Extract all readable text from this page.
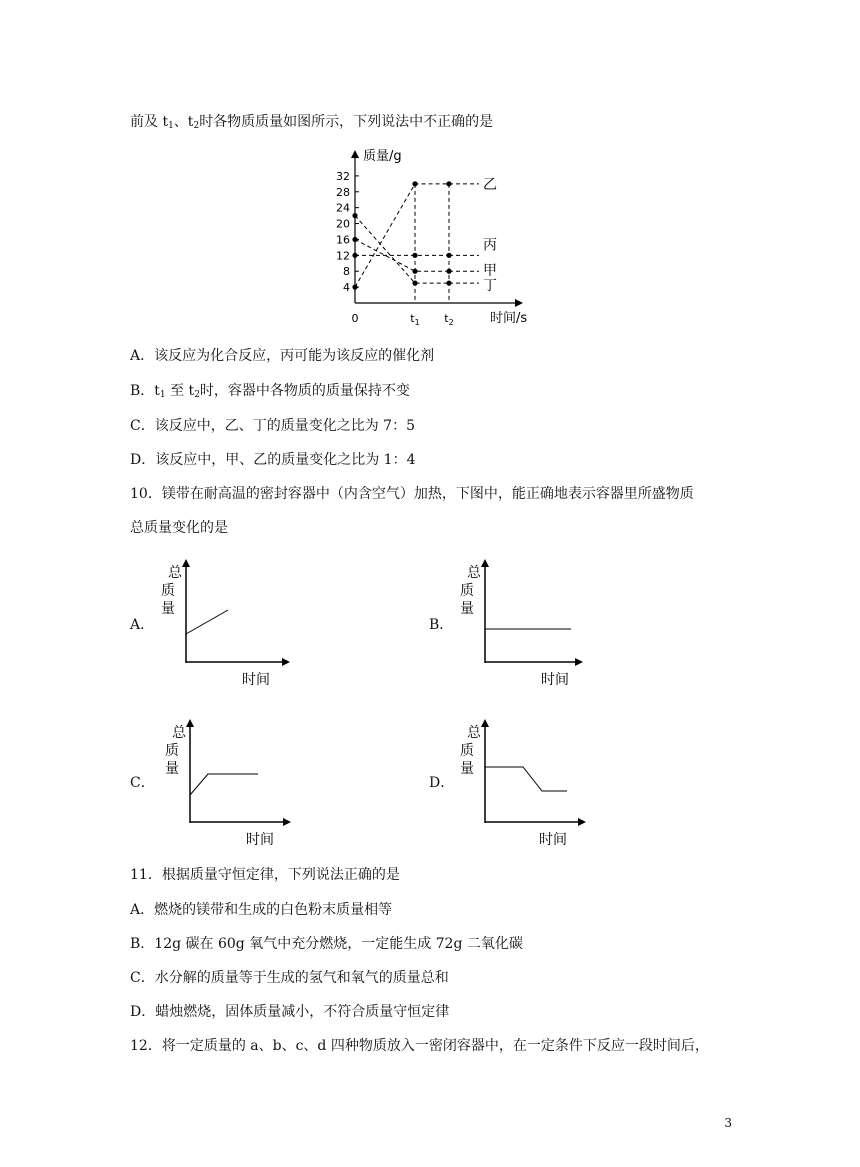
前及 $t_1$、$t_2$时各物质质量如图所示，下列说法中不正确的是
质量/g
4
8
12
16
20
24
28
32
0	$t_1$ $t_2$	时间/s
乙
丙
甲
丁
A．该反应为化合反应，丙可能为该反应的催化剂
B．$t_1$ 至 $t_2$时，容器中各物质的质量保持不变
C．该反应中，乙、丁的质量变化之比为 7：5
D．该反应中，甲、乙的质量变化之比为 1：4
10．镁带在耐高温的密封容器中（内含空气）加热，下图中，能正确地表示容器里所盛物质
总质量变化的是
A．	B．
C．	D．
总
质
量
时间
总
质
量
时间
总
质
量
时间
总
质
量
时间
11．根据质量守恒定律，下列说法正确的是
A．燃烧的镁带和生成的白色粉末质量相等
B．12g 碳在 60g 氧气中充分燃烧，一定能生成 72g 二氧化碳
C．水分解的质量等于生成的氢气和氧气的质量总和
D．蜡烛燃烧，固体质量减小，不符合质量守恒定律
12．将一定质量的 a、b、c、d 四种物质放入一密闭容器中，在一定条件下反应一段时间后，
3
